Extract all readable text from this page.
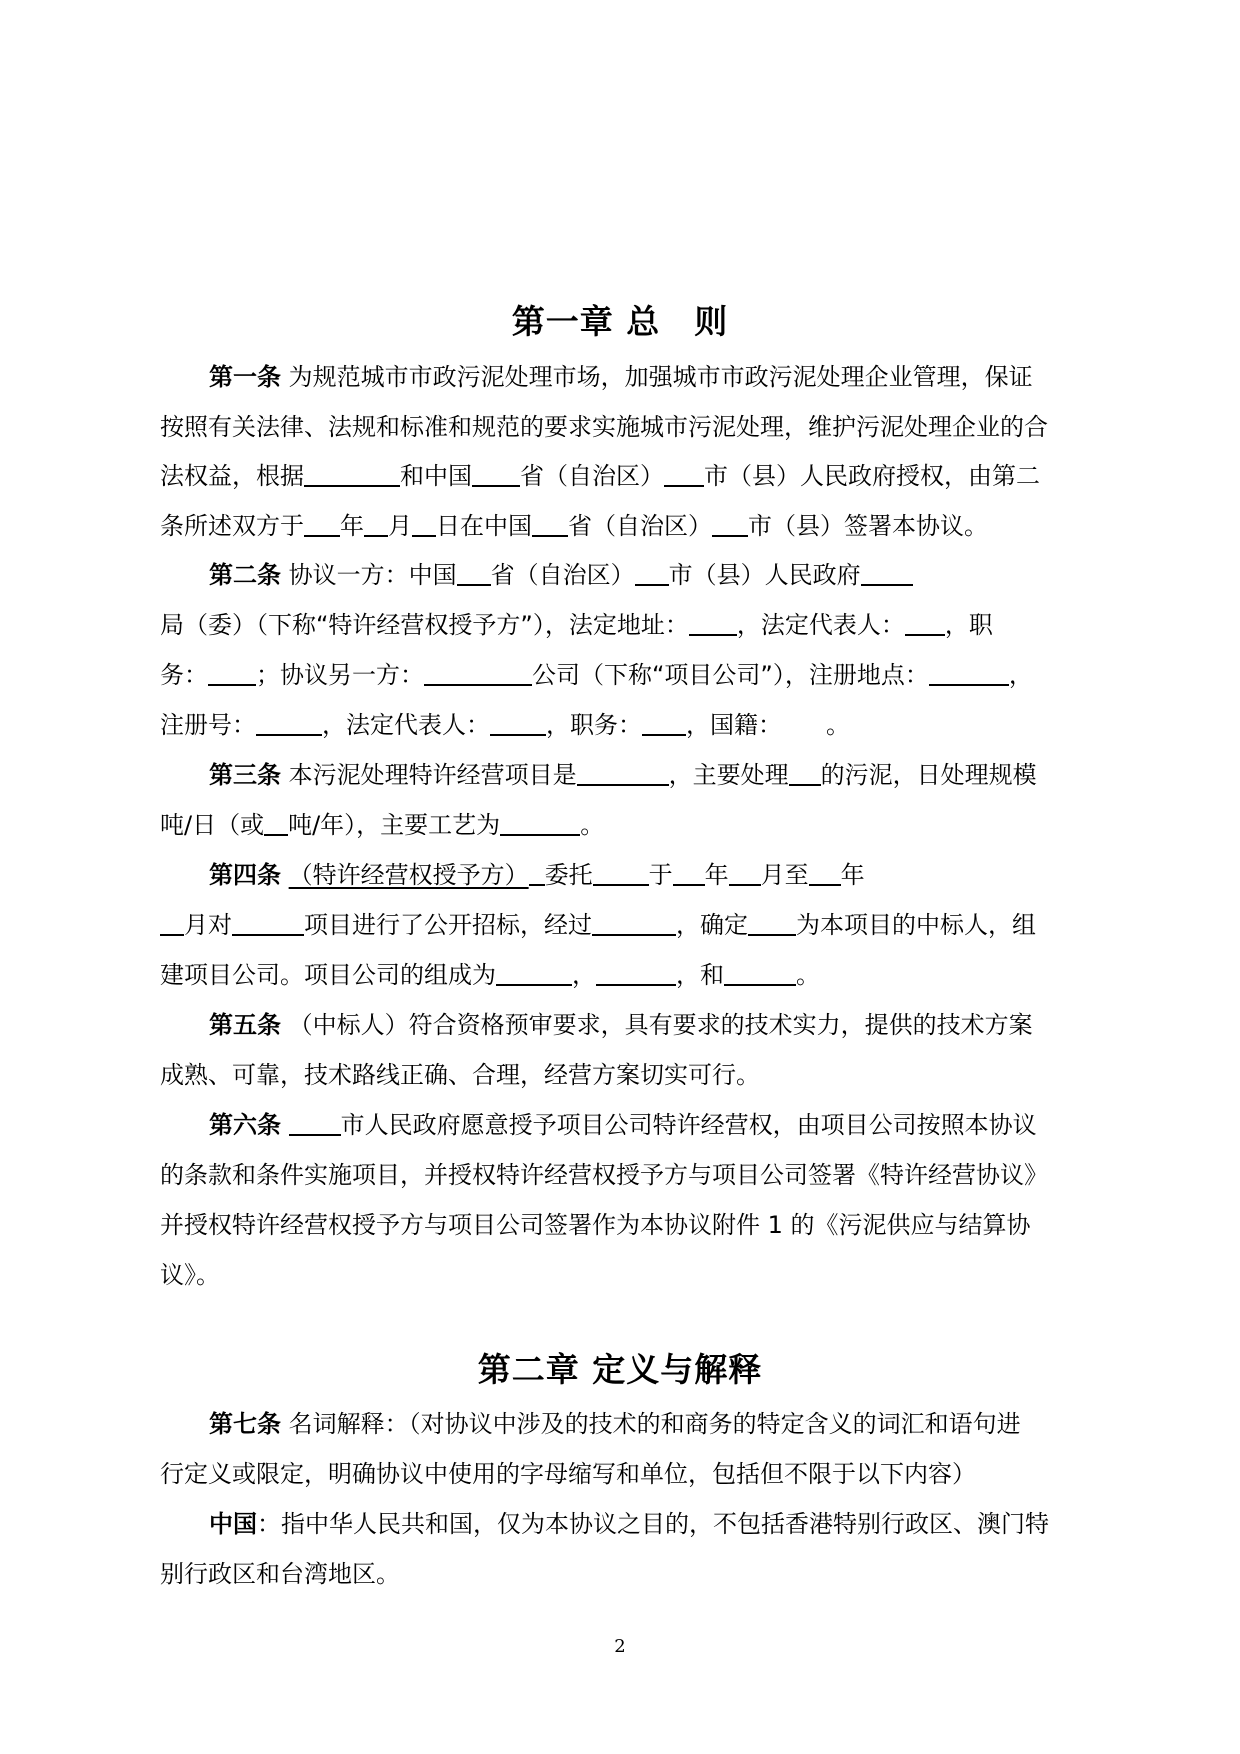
第一章 总　则
第一条 为规范城市市政污泥处理市场，加强城市市政污泥处理企业管理，保证
按照有关法律、法规和标准和规范的要求实施城市污泥处理，维护污泥处理企业的合
法权益，根据	和中国 省（自治区） 市（县）人民政府授权，由第二
条所述双方于 年 月 日在中国 省（自治区） 市（县）签署本协议。
第二条 协议一方：中国 省（自治区） 市（县）人民政府
局（委）（下称“特许经营权授予方”），法定地址： ，法定代表人： ，职
务： ；协议另一方：	公司（下称“项目公司”），注册地点：	，
注册号：	，法定代表人： ，职务： ，国籍： 。
第三条 本污泥处理特许经营项目是	，主要处理 的污泥，日处理规模
吨/日（或 吨/年），主要工艺为	。
第四条 （特许经营权授予方） 委托 于 年 月至 年
月对	项目进行了公开招标，经过	，确定 为本项目的中标人，组
建项目公司。项目公司的组成为	，	，和	。
第五条 （中标人）符合资格预审要求，具有要求的技术实力，提供的技术方案
成熟、可靠，技术路线正确、合理，经营方案切实可行。
第六条 市人民政府愿意授予项目公司特许经营权，由项目公司按照本协议
的条款和条件实施项目，并授权特许经营权授予方与项目公司签署《特许经营协议》
并授权特许经营权授予方与项目公司签署作为本协议附件 1 的《污泥供应与结算协
议》。
第二章 定义与解释
第七条 名词解释：（对协议中涉及的技术的和商务的特定含义的词汇和语句进
行定义或限定，明确协议中使用的字母缩写和单位，包括但不限于以下内容）
中国：指中华人民共和国，仅为本协议之目的，不包括香港特别行政区、澳门特
别行政区和台湾地区。
2
